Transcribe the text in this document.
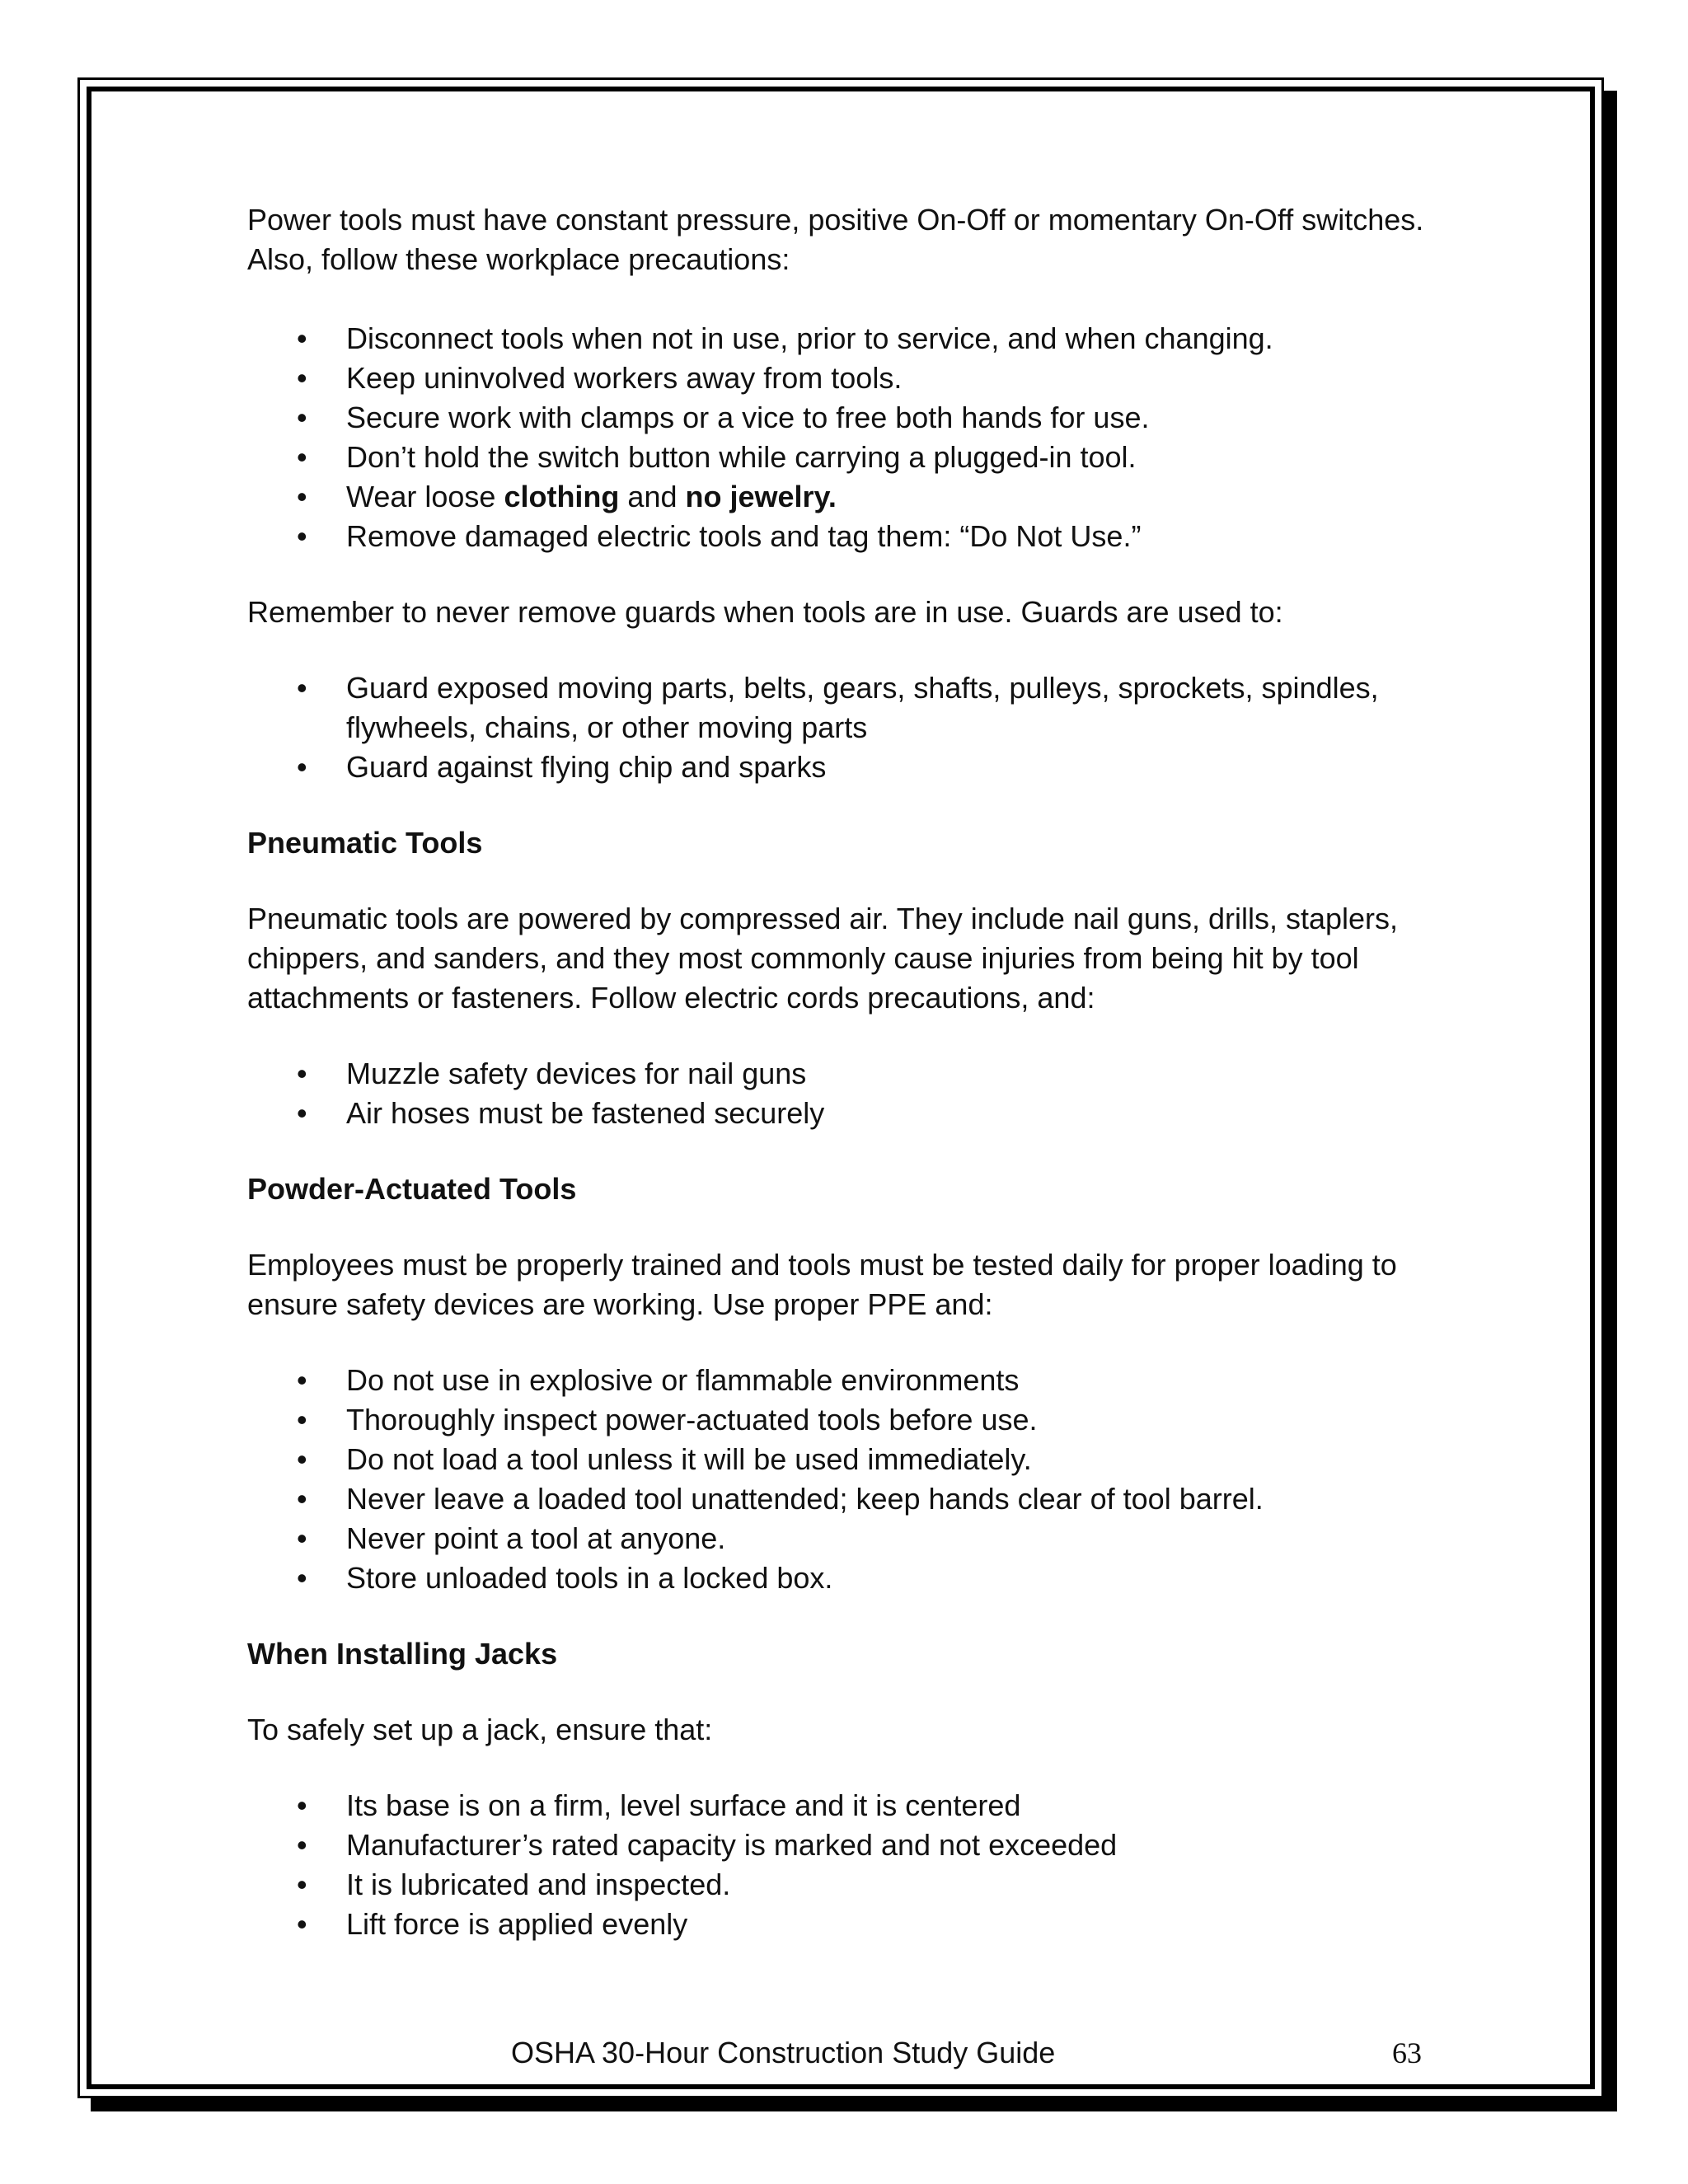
Power tools must have constant pressure, positive On-Off or momentary On-Off switches. Also, follow these workplace precautions:

• Disconnect tools when not in use, prior to service, and when changing.
• Keep uninvolved workers away from tools.
• Secure work with clamps or a vice to free both hands for use.
• Don’t hold the switch button while carrying a plugged-in tool.
• Wear loose clothing and no jewelry.
• Remove damaged electric tools and tag them: “Do Not Use.”

Remember to never remove guards when tools are in use. Guards are used to:

• Guard exposed moving parts, belts, gears, shafts, pulleys, sprockets, spindles, flywheels, chains, or other moving parts
• Guard against flying chip and sparks
Pneumatic Tools

Pneumatic tools are powered by compressed air. They include nail guns, drills, staplers, chippers, and sanders, and they most commonly cause injuries from being hit by tool attachments or fasteners. Follow electric cords precautions, and:

• Muzzle safety devices for nail guns
• Air hoses must be fastened securely
Powder-Actuated Tools

Employees must be properly trained and tools must be tested daily for proper loading to ensure safety devices are working. Use proper PPE and:

• Do not use in explosive or flammable environments
• Thoroughly inspect power-actuated tools before use.
• Do not load a tool unless it will be used immediately.
• Never leave a loaded tool unattended; keep hands clear of tool barrel.
• Never point a tool at anyone.
• Store unloaded tools in a locked box.
When Installing Jacks

To safely set up a jack, ensure that:

• Its base is on a firm, level surface and it is centered
• Manufacturer’s rated capacity is marked and not exceeded
• It is lubricated and inspected.
• Lift force is applied evenly
OSHA 30-Hour Construction Study Guide	63
